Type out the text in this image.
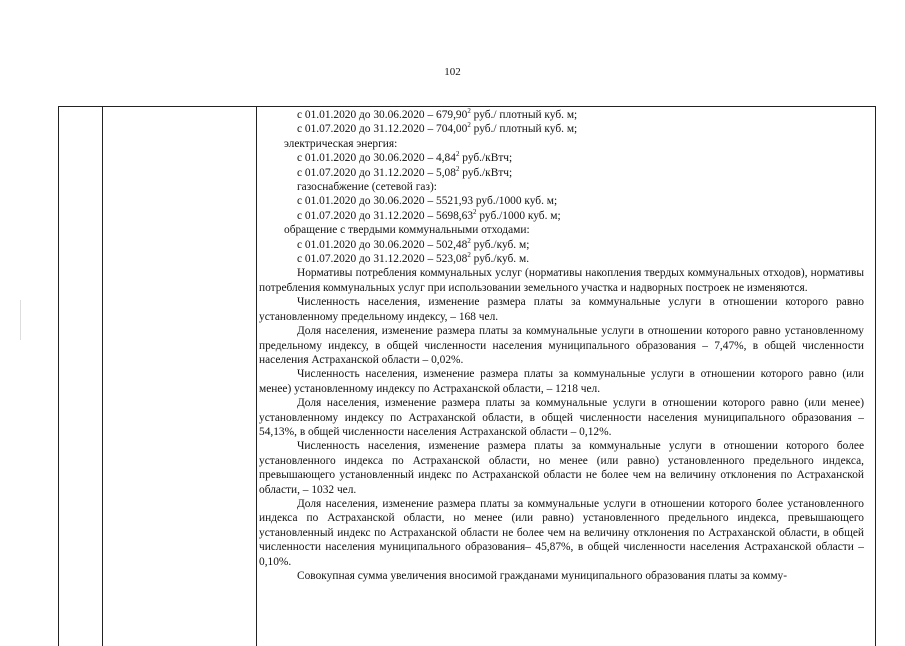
102
с 01.01.2020 до 30.06.2020 – 679,90$^2$ руб./ плотный куб. м;
с 01.07.2020 до 31.12.2020 – 704,00$^2$ руб./ плотный куб. м;
электрическая энергия:
с 01.01.2020 до 30.06.2020 – 4,84$^2$ руб./кВтч;
с 01.07.2020 до 31.12.2020 – 5,08$^2$ руб./кВтч;
газоснабжение (сетевой газ):
с 01.01.2020 до 30.06.2020 – 5521,93 руб./1000 куб. м;
с 01.07.2020 до 31.12.2020 – 5698,63$^2$ руб./1000 куб. м;
обращение с твердыми коммунальными отходами:
с 01.01.2020 до 30.06.2020 – 502,48$^2$ руб./куб. м;
с 01.07.2020 до 31.12.2020 – 523,08$^2$ руб./куб. м.
Нормативы потребления коммунальных услуг (нормативы накопления твердых коммунальных отходов), нормативы потребления коммунальных услуг при использовании земельного участка и надворных построек не изменяются.
Численность населения, изменение размера платы за коммунальные услуги в отношении которого равно установленному предельному индексу, – 168 чел.
Доля населения, изменение размера платы за коммунальные услуги в отношении которого равно установленному предельному индексу, в общей численности населения муниципального образования – 7,47%, в общей численности населения Астраханской области – 0,02%.
Численность населения, изменение размера платы за коммунальные услуги в отношении которого равно (или менее) установленному индексу по Астраханской области, – 1218 чел.
Доля населения, изменение размера платы за коммунальные услуги в отношении которого равно (или менее) установленному индексу по Астраханской области, в общей численности населения муниципального образования – 54,13%, в общей численности населения Астраханской области – 0,12%.
Численность населения, изменение размера платы за коммунальные услуги в отношении которого более установленного индекса по Астраханской области, но менее (или равно) установленного предельного индекса, превышающего установленный индекс по Астраханской области не более чем на величину отклонения по Астраханской области, – 1032 чел.
Доля населения, изменение размера платы за коммунальные услуги в отношении которого более установленного индекса по Астраханской области, но менее (или равно) установленного предельного индекса, превышающего установленный индекс по Астраханской области не более чем на величину отклонения по Астраханской области, в общей численности населения муниципального образования– 45,87%, в общей численности населения Астраханской области – 0,10%.
Совокупная сумма увеличения вносимой гражданами муниципального образования платы за комму-
